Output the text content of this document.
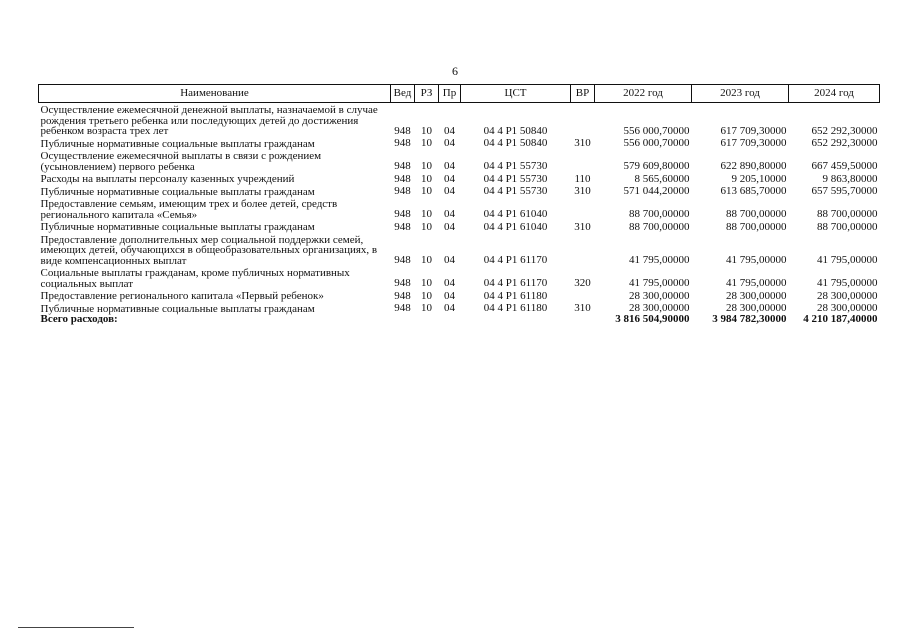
6
Наименование	Вед	РЗ	Пр	ЦСТ	ВР	2022 год	2023 год	2024 год
Осуществление ежемесячной денежной выплаты, назначаемой в случае рождения третьего ребенка или последующих детей до достижения ребенком возраста трех лет	948	10	04	04 4 P1 50840		556 000,70000	617 709,30000	652 292,30000
Публичные нормативные социальные выплаты гражданам	948	10	04	04 4 P1 50840	310	556 000,70000	617 709,30000	652 292,30000
Осуществление ежемесячной выплаты в связи с рождением (усыновлением) первого ребенка	948	10	04	04 4 P1 55730		579 609,80000	622 890,80000	667 459,50000
Расходы на выплаты персоналу казенных учреждений	948	10	04	04 4 P1 55730	110	8 565,60000	9 205,10000	9 863,80000
Публичные нормативные социальные выплаты гражданам	948	10	04	04 4 P1 55730	310	571 044,20000	613 685,70000	657 595,70000
Предоставление семьям, имеющим трех и более детей, средств регионального капитала «Семья»	948	10	04	04 4 P1 61040		88 700,00000	88 700,00000	88 700,00000
Публичные нормативные социальные выплаты гражданам	948	10	04	04 4 P1 61040	310	88 700,00000	88 700,00000	88 700,00000
Предоставление дополнительных мер социальной поддержки семей, имеющих детей, обучающихся в общеобразовательных организациях, в виде компенсационных выплат	948	10	04	04 4 P1 61170		41 795,00000	41 795,00000	41 795,00000
Социальные выплаты гражданам, кроме публичных нормативных социальных выплат	948	10	04	04 4 P1 61170	320	41 795,00000	41 795,00000	41 795,00000
Предоставление регионального капитала «Первый ребенок»	948	10	04	04 4 P1 61180		28 300,00000	28 300,00000	28 300,00000
Публичные нормативные социальные выплаты гражданам	948	10	04	04 4 P1 61180	310	28 300,00000	28 300,00000	28 300,00000
Всего расходов:						3 816 504,90000	3 984 782,30000	4 210 187,40000
